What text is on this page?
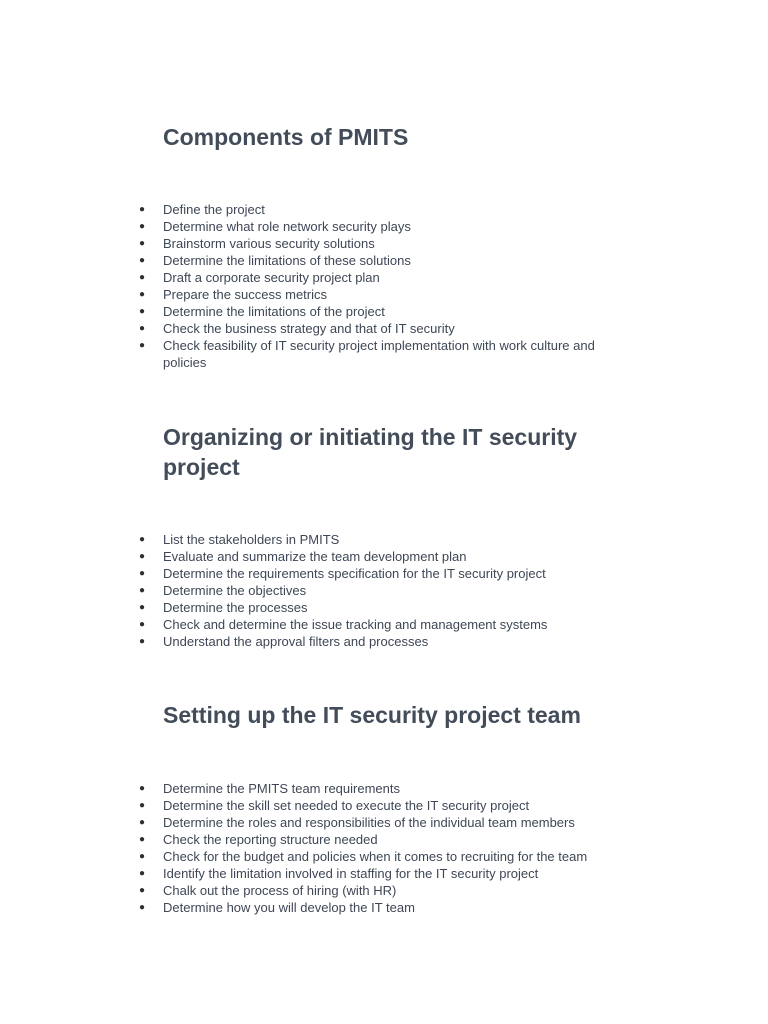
Components of PMITS
● Define the project
● Determine what role network security plays
● Brainstorm various security solutions
● Determine the limitations of these solutions
● Draft a corporate security project plan
● Prepare the success metrics
● Determine the limitations of the project
● Check the business strategy and that of IT security
● Check feasibility of IT security project implementation with work culture and policies
Organizing or initiating the IT security project
● List the stakeholders in PMITS
● Evaluate and summarize the team development plan
● Determine the requirements specification for the IT security project
● Determine the objectives
● Determine the processes
● Check and determine the issue tracking and management systems
● Understand the approval filters and processes
Setting up the IT security project team
● Determine the PMITS team requirements
● Determine the skill set needed to execute the IT security project
● Determine the roles and responsibilities of the individual team members
● Check the reporting structure needed
● Check for the budget and policies when it comes to recruiting for the team
● Identify the limitation involved in staffing for the IT security project
● Chalk out the process of hiring (with HR)
● Determine how you will develop the IT team
